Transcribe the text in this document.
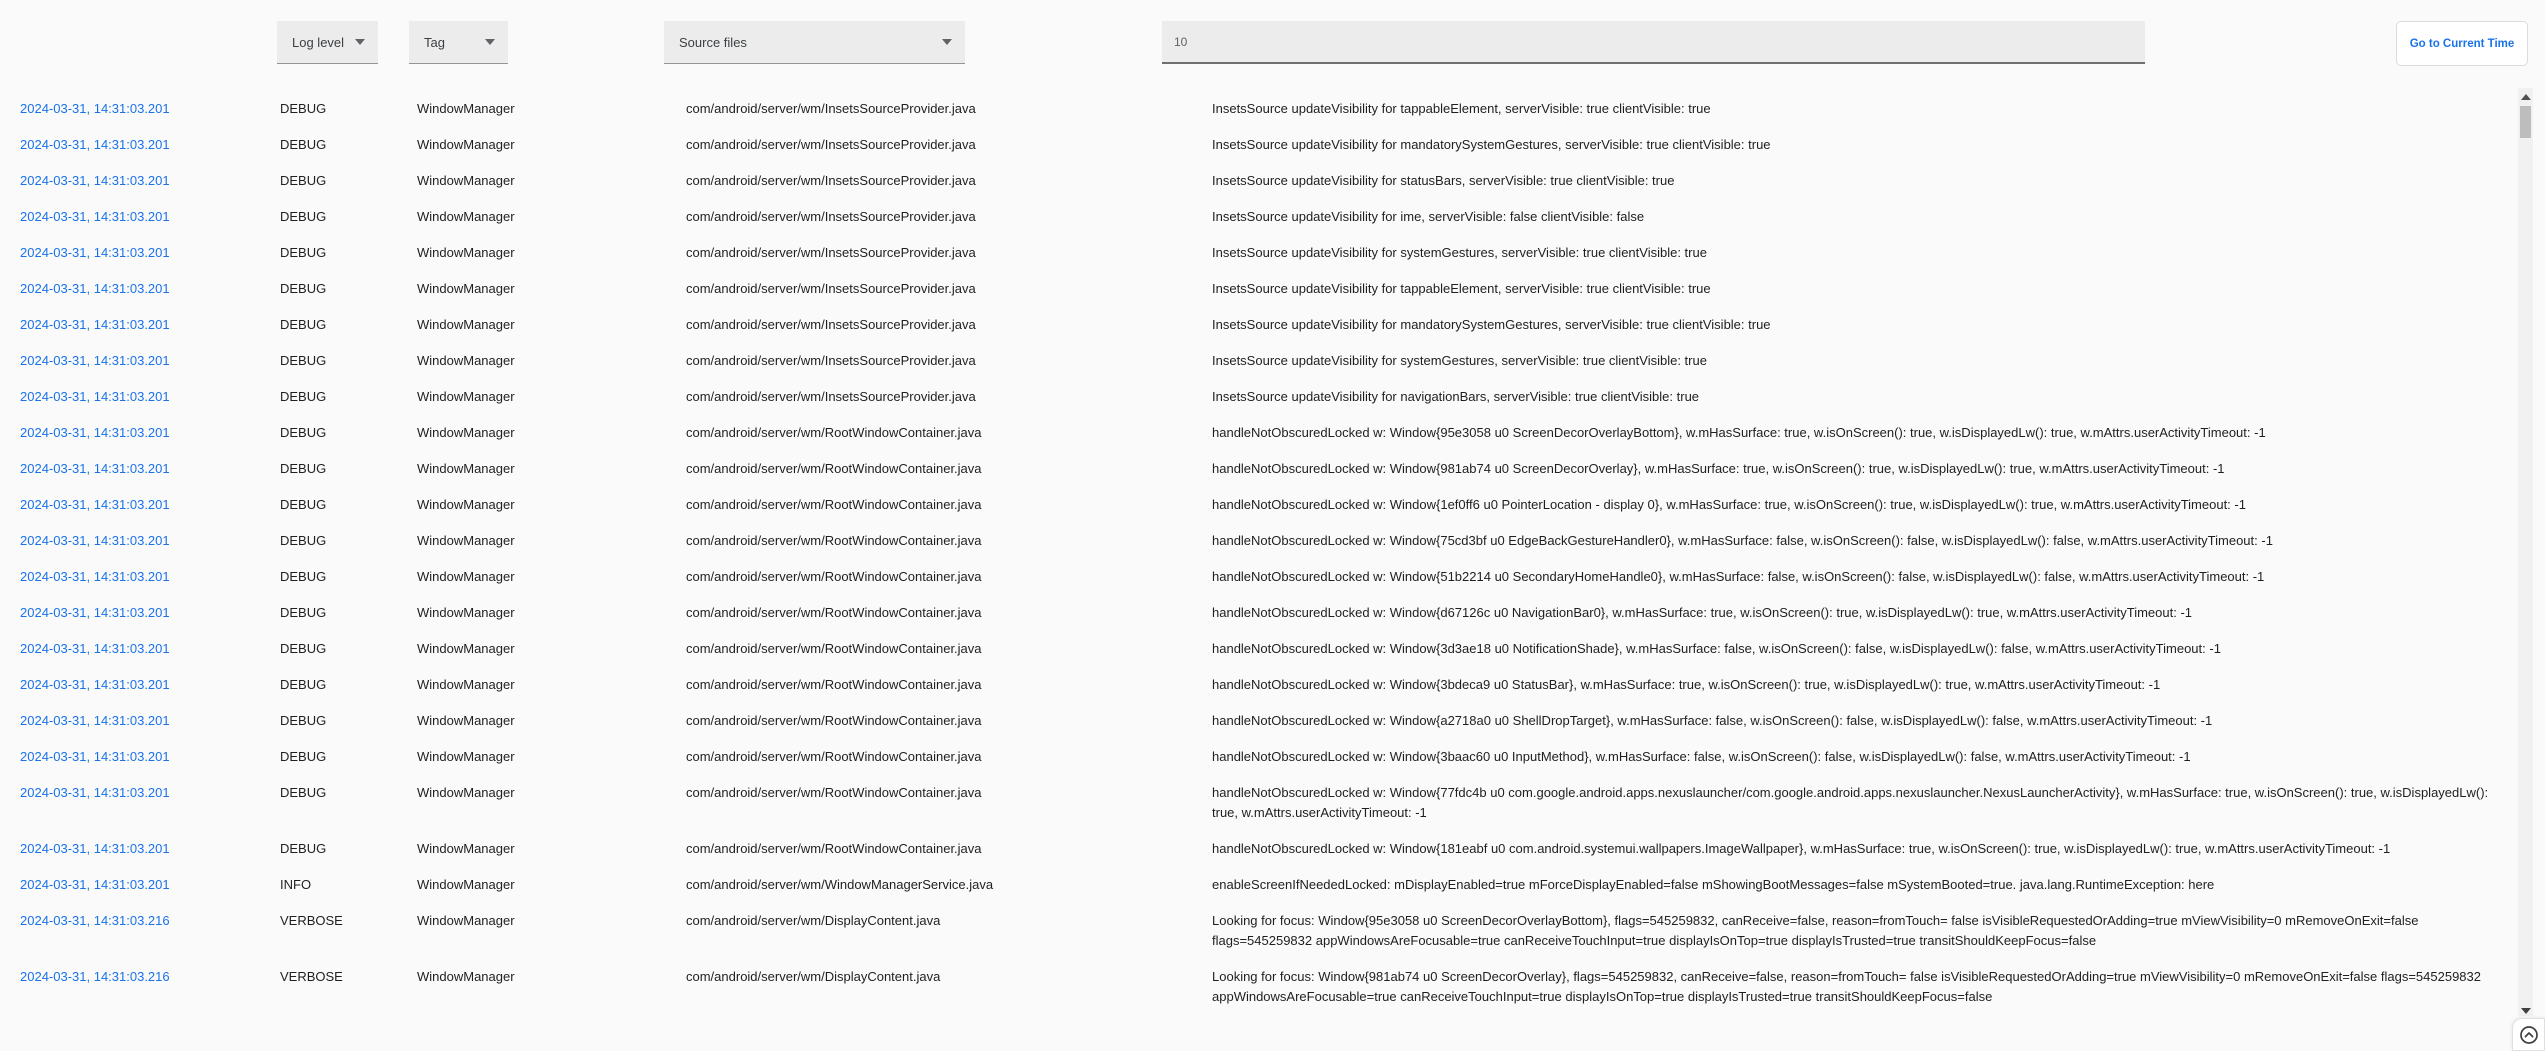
Log level	Tag	Source files
10	Go to Current Time
2024-03-31, 14:31:03.201	DEBUG	WindowManager	com/android/server/wm/InsetsSourceProvider.java	InsetsSource updateVisibility for tappableElement, serverVisible: true clientVisible: true
2024-03-31, 14:31:03.201	DEBUG	WindowManager	com/android/server/wm/InsetsSourceProvider.java	InsetsSource updateVisibility for mandatorySystemGestures, serverVisible: true clientVisible: true
2024-03-31, 14:31:03.201	DEBUG	WindowManager	com/android/server/wm/InsetsSourceProvider.java	InsetsSource updateVisibility for statusBars, serverVisible: true clientVisible: true
2024-03-31, 14:31:03.201	DEBUG	WindowManager	com/android/server/wm/InsetsSourceProvider.java	InsetsSource updateVisibility for ime, serverVisible: false clientVisible: false
2024-03-31, 14:31:03.201	DEBUG	WindowManager	com/android/server/wm/InsetsSourceProvider.java	InsetsSource updateVisibility for systemGestures, serverVisible: true clientVisible: true
2024-03-31, 14:31:03.201	DEBUG	WindowManager	com/android/server/wm/InsetsSourceProvider.java	InsetsSource updateVisibility for tappableElement, serverVisible: true clientVisible: true
2024-03-31, 14:31:03.201	DEBUG	WindowManager	com/android/server/wm/InsetsSourceProvider.java	InsetsSource updateVisibility for mandatorySystemGestures, serverVisible: true clientVisible: true
2024-03-31, 14:31:03.201	DEBUG	WindowManager	com/android/server/wm/InsetsSourceProvider.java	InsetsSource updateVisibility for systemGestures, serverVisible: true clientVisible: true
2024-03-31, 14:31:03.201	DEBUG	WindowManager	com/android/server/wm/InsetsSourceProvider.java	InsetsSource updateVisibility for navigationBars, serverVisible: true clientVisible: true
2024-03-31, 14:31:03.201	DEBUG	WindowManager	com/android/server/wm/RootWindowContainer.java	handleNotObscuredLocked w: Window{95e3058 u0 ScreenDecorOverlayBottom}, w.mHasSurface: true, w.isOnScreen(): true, w.isDisplayedLw(): true, w.mAttrs.userActivityTimeout: -1
2024-03-31, 14:31:03.201	DEBUG	WindowManager	com/android/server/wm/RootWindowContainer.java	handleNotObscuredLocked w: Window{981ab74 u0 ScreenDecorOverlay}, w.mHasSurface: true, w.isOnScreen(): true, w.isDisplayedLw(): true, w.mAttrs.userActivityTimeout: -1
2024-03-31, 14:31:03.201	DEBUG	WindowManager	com/android/server/wm/RootWindowContainer.java	handleNotObscuredLocked w: Window{1ef0ff6 u0 PointerLocation - display 0}, w.mHasSurface: true, w.isOnScreen(): true, w.isDisplayedLw(): true, w.mAttrs.userActivityTimeout: -1
2024-03-31, 14:31:03.201	DEBUG	WindowManager	com/android/server/wm/RootWindowContainer.java	handleNotObscuredLocked w: Window{75cd3bf u0 EdgeBackGestureHandler0}, w.mHasSurface: false, w.isOnScreen(): false, w.isDisplayedLw(): false, w.mAttrs.userActivityTimeout: -1
2024-03-31, 14:31:03.201	DEBUG	WindowManager	com/android/server/wm/RootWindowContainer.java	handleNotObscuredLocked w: Window{51b2214 u0 SecondaryHomeHandle0}, w.mHasSurface: false, w.isOnScreen(): false, w.isDisplayedLw(): false, w.mAttrs.userActivityTimeout: -1
2024-03-31, 14:31:03.201	DEBUG	WindowManager	com/android/server/wm/RootWindowContainer.java	handleNotObscuredLocked w: Window{d67126c u0 NavigationBar0}, w.mHasSurface: true, w.isOnScreen(): true, w.isDisplayedLw(): true, w.mAttrs.userActivityTimeout: -1
2024-03-31, 14:31:03.201	DEBUG	WindowManager	com/android/server/wm/RootWindowContainer.java	handleNotObscuredLocked w: Window{3d3ae18 u0 NotificationShade}, w.mHasSurface: false, w.isOnScreen(): false, w.isDisplayedLw(): false, w.mAttrs.userActivityTimeout: -1
2024-03-31, 14:31:03.201	DEBUG	WindowManager	com/android/server/wm/RootWindowContainer.java	handleNotObscuredLocked w: Window{3bdeca9 u0 StatusBar}, w.mHasSurface: true, w.isOnScreen(): true, w.isDisplayedLw(): true, w.mAttrs.userActivityTimeout: -1
2024-03-31, 14:31:03.201	DEBUG	WindowManager	com/android/server/wm/RootWindowContainer.java	handleNotObscuredLocked w: Window{a2718a0 u0 ShellDropTarget}, w.mHasSurface: false, w.isOnScreen(): false, w.isDisplayedLw(): false, w.mAttrs.userActivityTimeout: -1
2024-03-31, 14:31:03.201	DEBUG	WindowManager	com/android/server/wm/RootWindowContainer.java	handleNotObscuredLocked w: Window{3baac60 u0 InputMethod}, w.mHasSurface: false, w.isOnScreen(): false, w.isDisplayedLw(): false, w.mAttrs.userActivityTimeout: -1
2024-03-31, 14:31:03.201	DEBUG	WindowManager	com/android/server/wm/RootWindowContainer.java	handleNotObscuredLocked w: Window{77fdc4b u0 com.google.android.apps.nexuslauncher/com.google.android.apps.nexuslauncher.NexusLauncherActivity}, w.mHasSurface: true, w.isOnScreen(): true, w.isDisplayedLw(): true, w.mAttrs.userActivityTimeout: -1
2024-03-31, 14:31:03.201	DEBUG	WindowManager	com/android/server/wm/RootWindowContainer.java	handleNotObscuredLocked w: Window{181eabf u0 com.android.systemui.wallpapers.ImageWallpaper}, w.mHasSurface: true, w.isOnScreen(): true, w.isDisplayedLw(): true, w.mAttrs.userActivityTimeout: -1
2024-03-31, 14:31:03.201	INFO	WindowManager	com/android/server/wm/WindowManagerService.java	enableScreenIfNeededLocked: mDisplayEnabled=true mForceDisplayEnabled=false mShowingBootMessages=false mSystemBooted=true. java.lang.RuntimeException: here
2024-03-31, 14:31:03.216	VERBOSE	WindowManager	com/android/server/wm/DisplayContent.java	Looking for focus: Window{95e3058 u0 ScreenDecorOverlayBottom}, flags=545259832, canReceive=false, reason=fromTouch= false isVisibleRequestedOrAdding=true mViewVisibility=0 mRemoveOnExit=false flags=545259832 appWindowsAreFocusable=true canReceiveTouchInput=true displayIsOnTop=true displayIsTrusted=true transitShouldKeepFocus=false
2024-03-31, 14:31:03.216	VERBOSE	WindowManager	com/android/server/wm/DisplayContent.java	Looking for focus: Window{981ab74 u0 ScreenDecorOverlay}, flags=545259832, canReceive=false, reason=fromTouch= false isVisibleRequestedOrAdding=true mViewVisibility=0 mRemoveOnExit=false flags=545259832 appWindowsAreFocusable=true canReceiveTouchInput=true displayIsOnTop=true displayIsTrusted=true transitShouldKeepFocus=false
